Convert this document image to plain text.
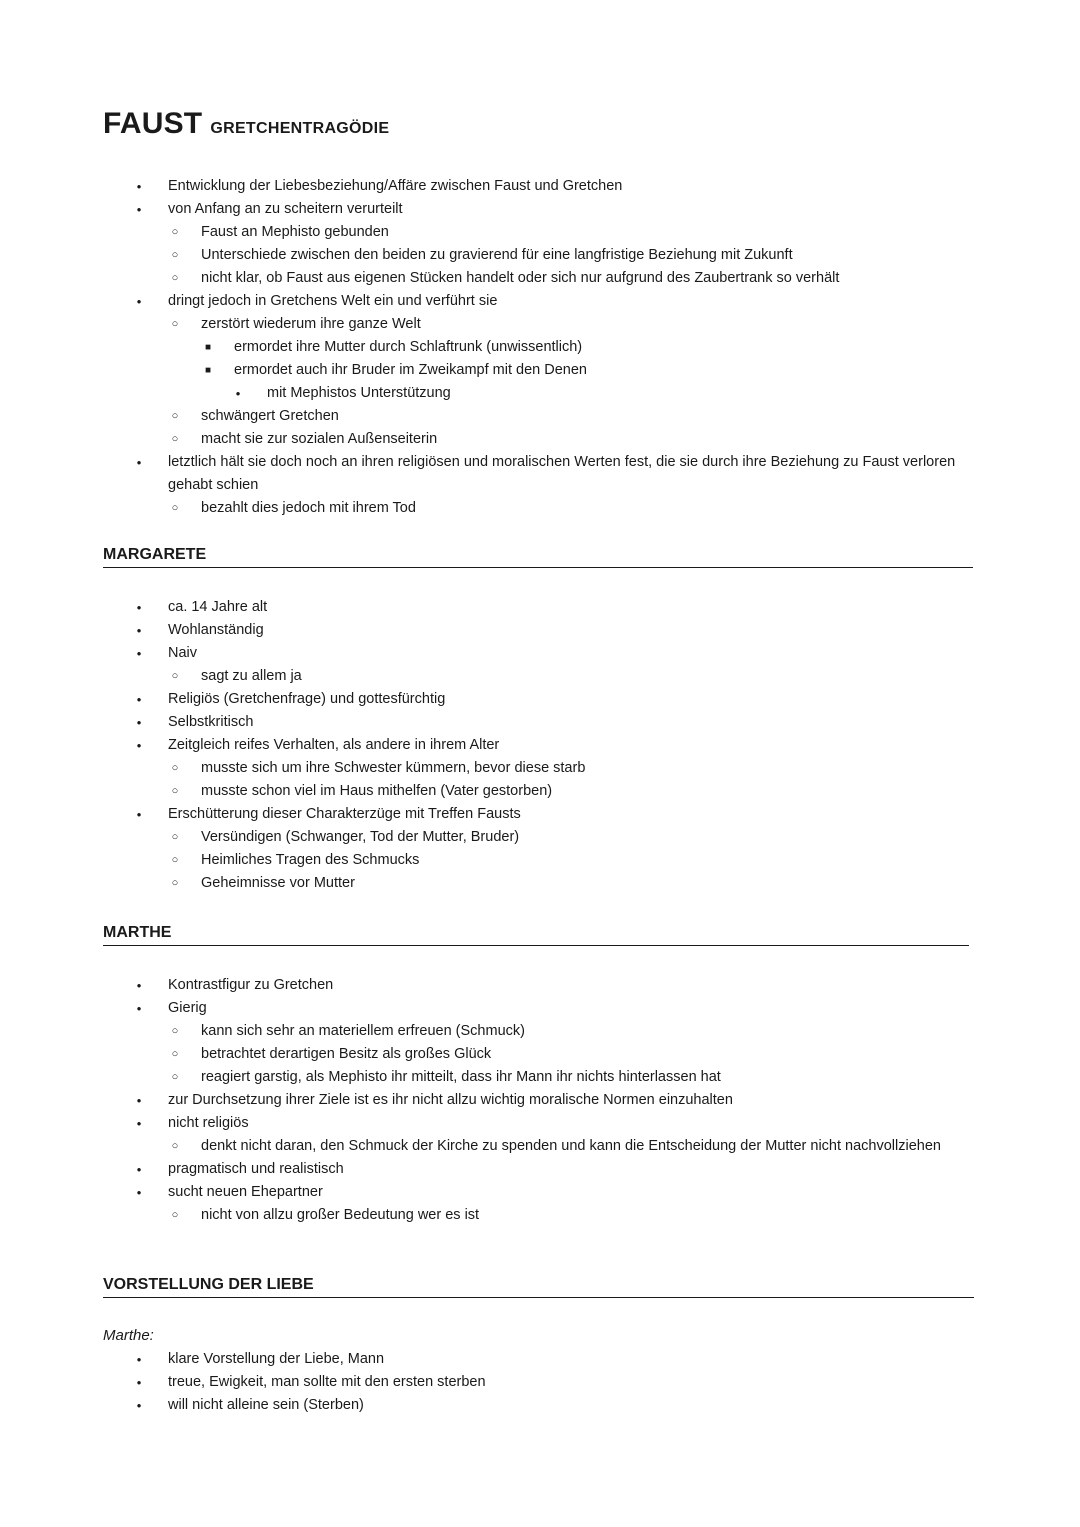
FAUST GRETCHENTRAGÖDIE
•	Entwicklung der Liebesbeziehung/Affäre zwischen Faust und Gretchen
•	von Anfang an zu scheitern verurteilt
○ Faust an Mephisto gebunden
○ Unterschiede zwischen den beiden zu gravierend für eine langfristige Beziehung mit Zukunft
○ nicht klar, ob Faust aus eigenen Stücken handelt oder sich nur aufgrund des Zaubertrank so verhält
•	dringt jedoch in Gretchens Welt ein und verführt sie
○ zerstört wiederum ihre ganze Welt
■ ermordet ihre Mutter durch Schlaftrunk (unwissentlich)
■ ermordet auch ihr Bruder im Zweikampf mit den Denen
•	mit Mephistos Unterstützung
○ schwängert Gretchen
○ macht sie zur sozialen Außenseiterin
•	letztlich hält sie doch noch an ihren religiösen und moralischen Werten fest, die sie durch ihre Beziehung zu Faust verloren gehabt schien
○ bezahlt dies jedoch mit ihrem Tod
MARGARETE
•	ca. 14 Jahre alt
•	Wohlanständig
•	Naiv
○ sagt zu allem ja
•	Religiös (Gretchenfrage) und gottesfürchtig
•	Selbstkritisch
•	Zeitgleich reifes Verhalten, als andere in ihrem Alter
○ musste sich um ihre Schwester kümmern, bevor diese starb
○ musste schon viel im Haus mithelfen (Vater gestorben)
•	Erschütterung dieser Charakterzüge mit Treffen Fausts
○ Versündigen (Schwanger, Tod der Mutter, Bruder)
○ Heimliches Tragen des Schmucks
○ Geheimnisse vor Mutter
MARTHE
•	Kontrastfigur zu Gretchen
•	Gierig
○ kann sich sehr an materiellem erfreuen (Schmuck)
○ betrachtet derartigen Besitz als großes Glück
○ reagiert garstig, als Mephisto ihr mitteilt, dass ihr Mann ihr nichts hinterlassen hat
•	zur Durchsetzung ihrer Ziele ist es ihr nicht allzu wichtig moralische Normen einzuhalten
•	nicht religiös
○ denkt nicht daran, den Schmuck der Kirche zu spenden und kann die Entscheidung der Mutter nicht nachvollziehen
•	pragmatisch und realistisch
•	sucht neuen Ehepartner
○ nicht von allzu großer Bedeutung wer es ist
VORSTELLUNG DER LIEBE

Marthe:

•	klare Vorstellung der Liebe, Mann
•	treue, Ewigkeit, man sollte mit den ersten sterben
•	will nicht alleine sein (Sterben)
